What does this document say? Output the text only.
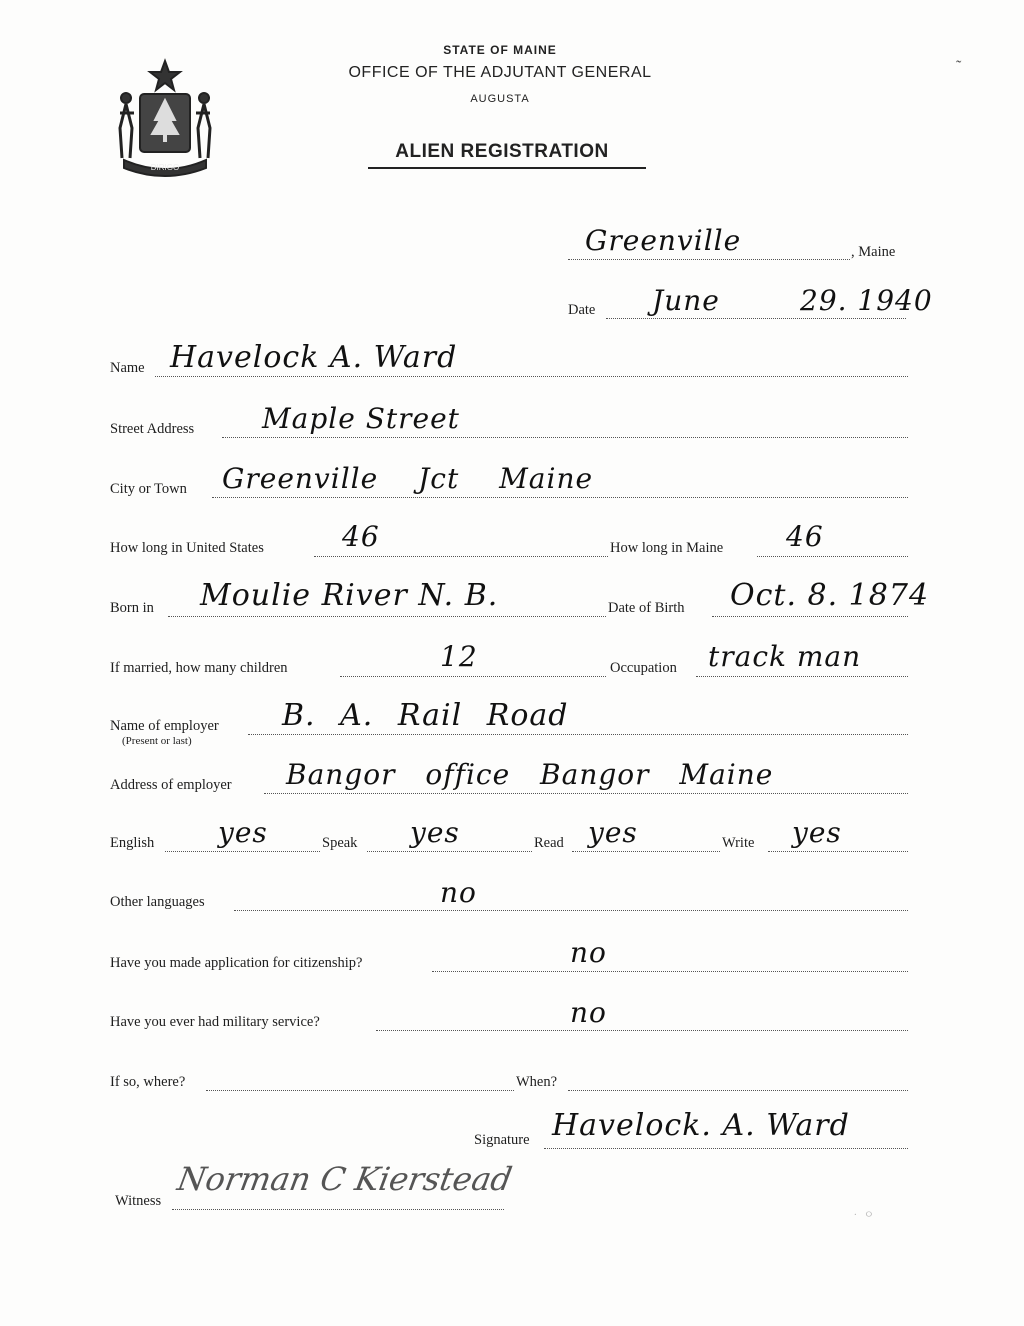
DIRIGO
STATE OF MAINE
OFFICE OF THE ADJUTANT GENERAL
AUGUSTA
ALIEN REGISTRATION
˜
Greenville	, Maine
Date June	29. 1940
Name Havelock A. Ward
Street Address Maple Street
City or Town Greenville Jct Maine
How long in United States	46	How long in Maine 46
Born in Moulie River N. B.	Date of Birth Oct. 8. 1874
If married, how many children	12	Occupation track man
Name of employer
(Present or last)
B. A. Rail Road
Address of employer Bangor office Bangor Maine
English yes	Speak yes	Read yes	Write yes
Other languages	no
Have you made application for citizenship?	no
Have you ever had military service?	no
If so, where?	When?
Signature Havelock. A. Ward
Witness
Norman C Kierstead
∙ ㅇ
